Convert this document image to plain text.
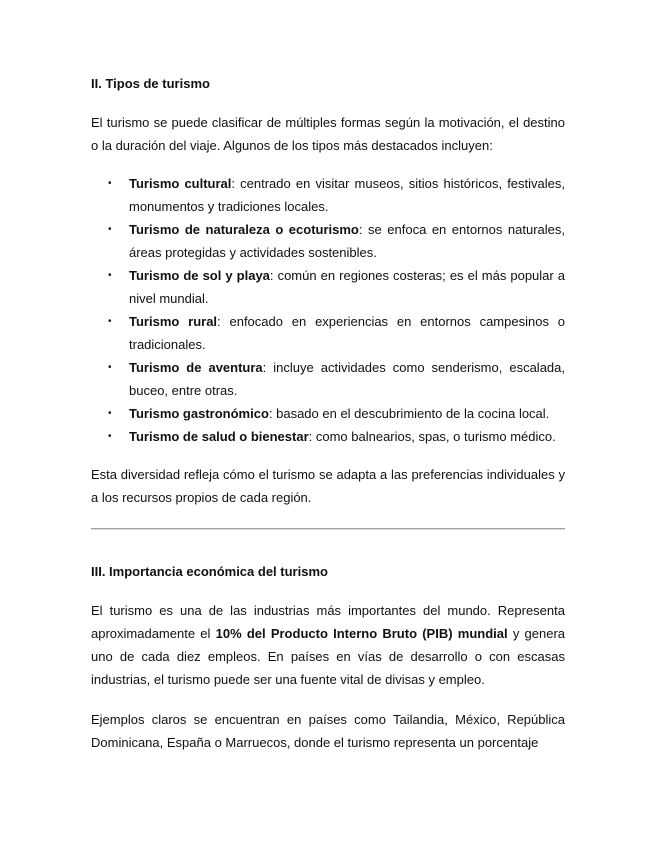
II. Tipos de turismo

El turismo se puede clasificar de múltiples formas según la motivación, el destino o la duración del viaje. Algunos de los tipos más destacados incluyen:

• Turismo cultural: centrado en visitar museos, sitios históricos, festivales, monumentos y tradiciones locales.
• Turismo de naturaleza o ecoturismo: se enfoca en entornos naturales, áreas protegidas y actividades sostenibles.
• Turismo de sol y playa: común en regiones costeras; es el más popular a nivel mundial.
• Turismo rural: enfocado en experiencias en entornos campesinos o tradicionales.
• Turismo de aventura: incluye actividades como senderismo, escalada, buceo, entre otras.
• Turismo gastronómico: basado en el descubrimiento de la cocina local.
• Turismo de salud o bienestar: como balnearios, spas, o turismo médico.

Esta diversidad refleja cómo el turismo se adapta a las preferencias individuales y a los recursos propios de cada región.

III. Importancia económica del turismo

El turismo es una de las industrias más importantes del mundo. Representa aproximadamente el 10% del Producto Interno Bruto (PIB) mundial y genera uno de cada diez empleos. En países en vías de desarrollo o con escasas industrias, el turismo puede ser una fuente vital de divisas y empleo.

Ejemplos claros se encuentran en países como Tailandia, México, República Dominicana, España o Marruecos, donde el turismo representa un porcentaje
